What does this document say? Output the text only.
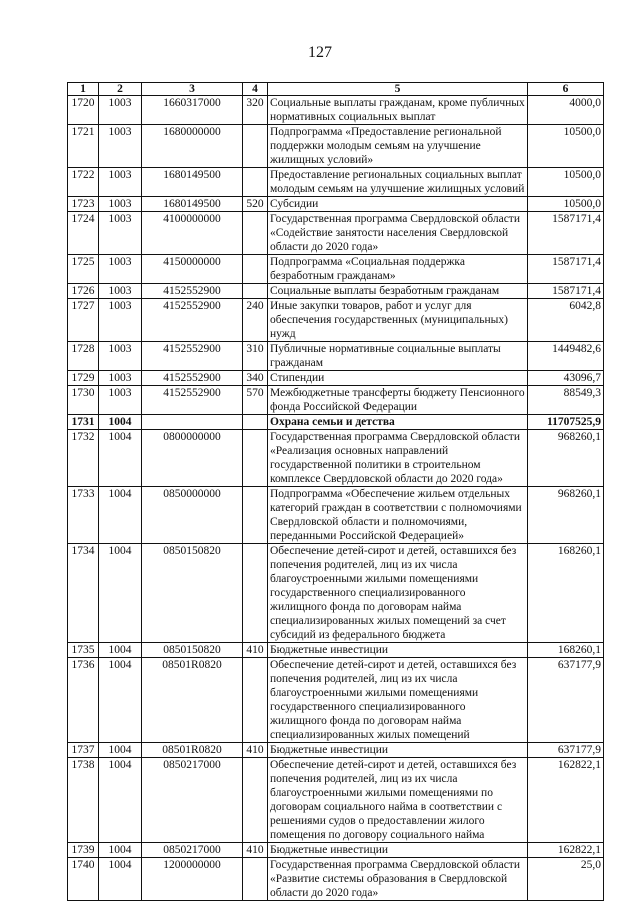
127
1	2	3	4	5	6
1720	1003	1660317000	320	Социальные выплаты гражданам, кроме публичных нормативных социальных выплат	4000,0
1721	1003	1680000000		Подпрограмма «Предоставление региональной поддержки молодым семьям на улучшение жилищных условий»	10500,0
1722	1003	1680149500		Предоставление региональных социальных выплат молодым семьям на улучшение жилищных условий	10500,0
1723	1003	1680149500	520	Субсидии	10500,0
1724	1003	4100000000		Государственная программа Свердловской области «Содействие занятости населения Свердловской области до 2020 года»	1587171,4
1725	1003	4150000000		Подпрограмма «Социальная поддержка безработным гражданам»	1587171,4
1726	1003	4152552900		Социальные выплаты безработным гражданам	1587171,4
1727	1003	4152552900	240	Иные закупки товаров, работ и услуг для обеспечения государственных (муниципальных) нужд	6042,8
1728	1003	4152552900	310	Публичные нормативные социальные выплаты гражданам	1449482,6
1729	1003	4152552900	340	Стипендии	43096,7
1730	1003	4152552900	570	Межбюджетные трансферты бюджету Пенсионного фонда Российской Федерации	88549,3
1731	1004			Охрана семьи и детства	11707525,9
1732	1004	0800000000		Государственная программа Свердловской области «Реализация основных направлений государственной политики в строительном комплексе Свердловской области до 2020 года»	968260,1
1733	1004	0850000000		Подпрограмма «Обеспечение жильем отдельных категорий граждан в соответствии с полномочиями Свердловской области и полномочиями, переданными Российской Федерацией»	968260,1
1734	1004	0850150820		Обеспечение детей-сирот и детей, оставшихся без попечения родителей, лиц из их числа благоустроенными жилыми помещениями государственного специализированного жилищного фонда по договорам найма специализированных жилых помещений за счет субсидий из федерального бюджета	168260,1
1735	1004	0850150820	410	Бюджетные инвестиции	168260,1
1736	1004	08501R0820		Обеспечение детей-сирот и детей, оставшихся без попечения родителей, лиц из их числа благоустроенными жилыми помещениями государственного специализированного жилищного фонда по договорам найма специализированных жилых помещений	637177,9
1737	1004	08501R0820	410	Бюджетные инвестиции	637177,9
1738	1004	0850217000		Обеспечение детей-сирот и детей, оставшихся без попечения родителей, лиц из их числа благоустроенными жилыми помещениями по договорам социального найма в соответствии с решениями судов о предоставлении жилого помещения по договору социального найма	162822,1
1739	1004	0850217000	410	Бюджетные инвестиции	162822,1
1740	1004	1200000000		Государственная программа Свердловской области «Развитие системы образования в Свердловской области до 2020 года»	25,0
